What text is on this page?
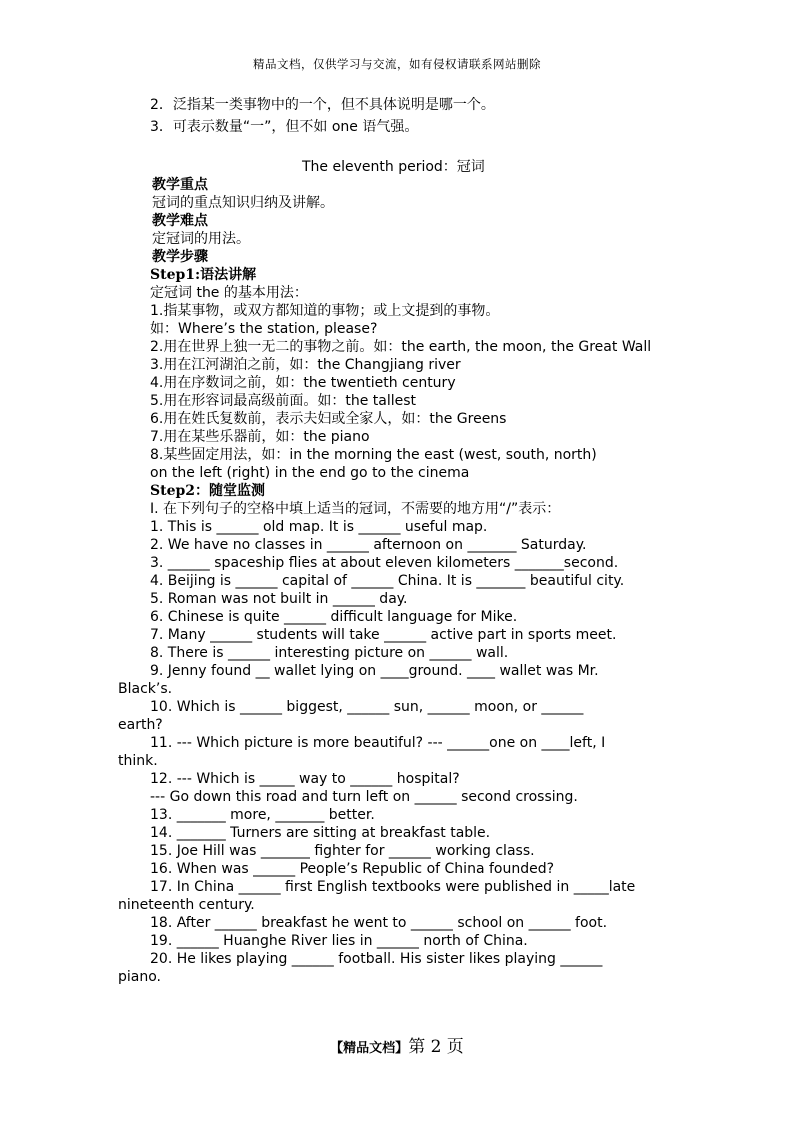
精品文档，仅供学习与交流，如有侵权请联系网站删除
2．泛指某一类事物中的一个，但不具体说明是哪一个。
3．可表示数量“一”，但不如 one 语气强。
The eleventh period：冠词
教学重点
冠词的重点知识归纳及讲解。
教学难点
定冠词的用法。
教学步骤
Step1:语法讲解
定冠词 the 的基本用法：
1.指某事物，或双方都知道的事物；或上文提到的事物。
如：Where’s the station, please?
2.用在世界上独一无二的事物之前。如：the earth, the moon, the Great Wall
3.用在江河湖泊之前，如：the Changjiang river
4.用在序数词之前，如：the twentieth century
5.用在形容词最高级前面。如：the tallest
6.用在姓氏复数前，表示夫妇或全家人，如：the Greens
7.用在某些乐器前，如：the piano
8.某些固定用法，如：in the morning the east (west, south, north)
on the left (right) in the end go to the cinema
Step2：随堂监测
I. 在下列句子的空格中填上适当的冠词，不需要的地方用“/”表示：
1. This is ______ old map. It is ______ useful map.
2. We have no classes in ______ afternoon on _______ Saturday.
3. ______ spaceship flies at about eleven kilometers _______second.
4. Beijing is ______ capital of ______ China. It is _______ beautiful city.
5. Roman was not built in ______ day.
6. Chinese is quite ______ difficult language for Mike.
7. Many ______ students will take ______ active part in sports meet.
8. There is ______ interesting picture on ______ wall.
9. Jenny found __ wallet lying on ____ground. ____ wallet was Mr.
Black’s.
10. Which is ______ biggest, ______ sun, ______ moon, or ______
earth?
11. --- Which picture is more beautiful? --- ______one on ____left, I
think.
12. --- Which is _____ way to ______ hospital?
--- Go down this road and turn left on ______ second crossing.
13. _______ more, _______ better.
14. _______ Turners are sitting at breakfast table.
15. Joe Hill was _______ fighter for ______ working class.
16. When was ______ People’s Republic of China founded?
17. In China ______ first English textbooks were published in _____late
nineteenth century.
18. After ______ breakfast he went to ______ school on ______ foot.
19. ______ Huanghe River lies in ______ north of China.
20. He likes playing ______ football. His sister likes playing ______
piano.
【精品文档】第 2 页
